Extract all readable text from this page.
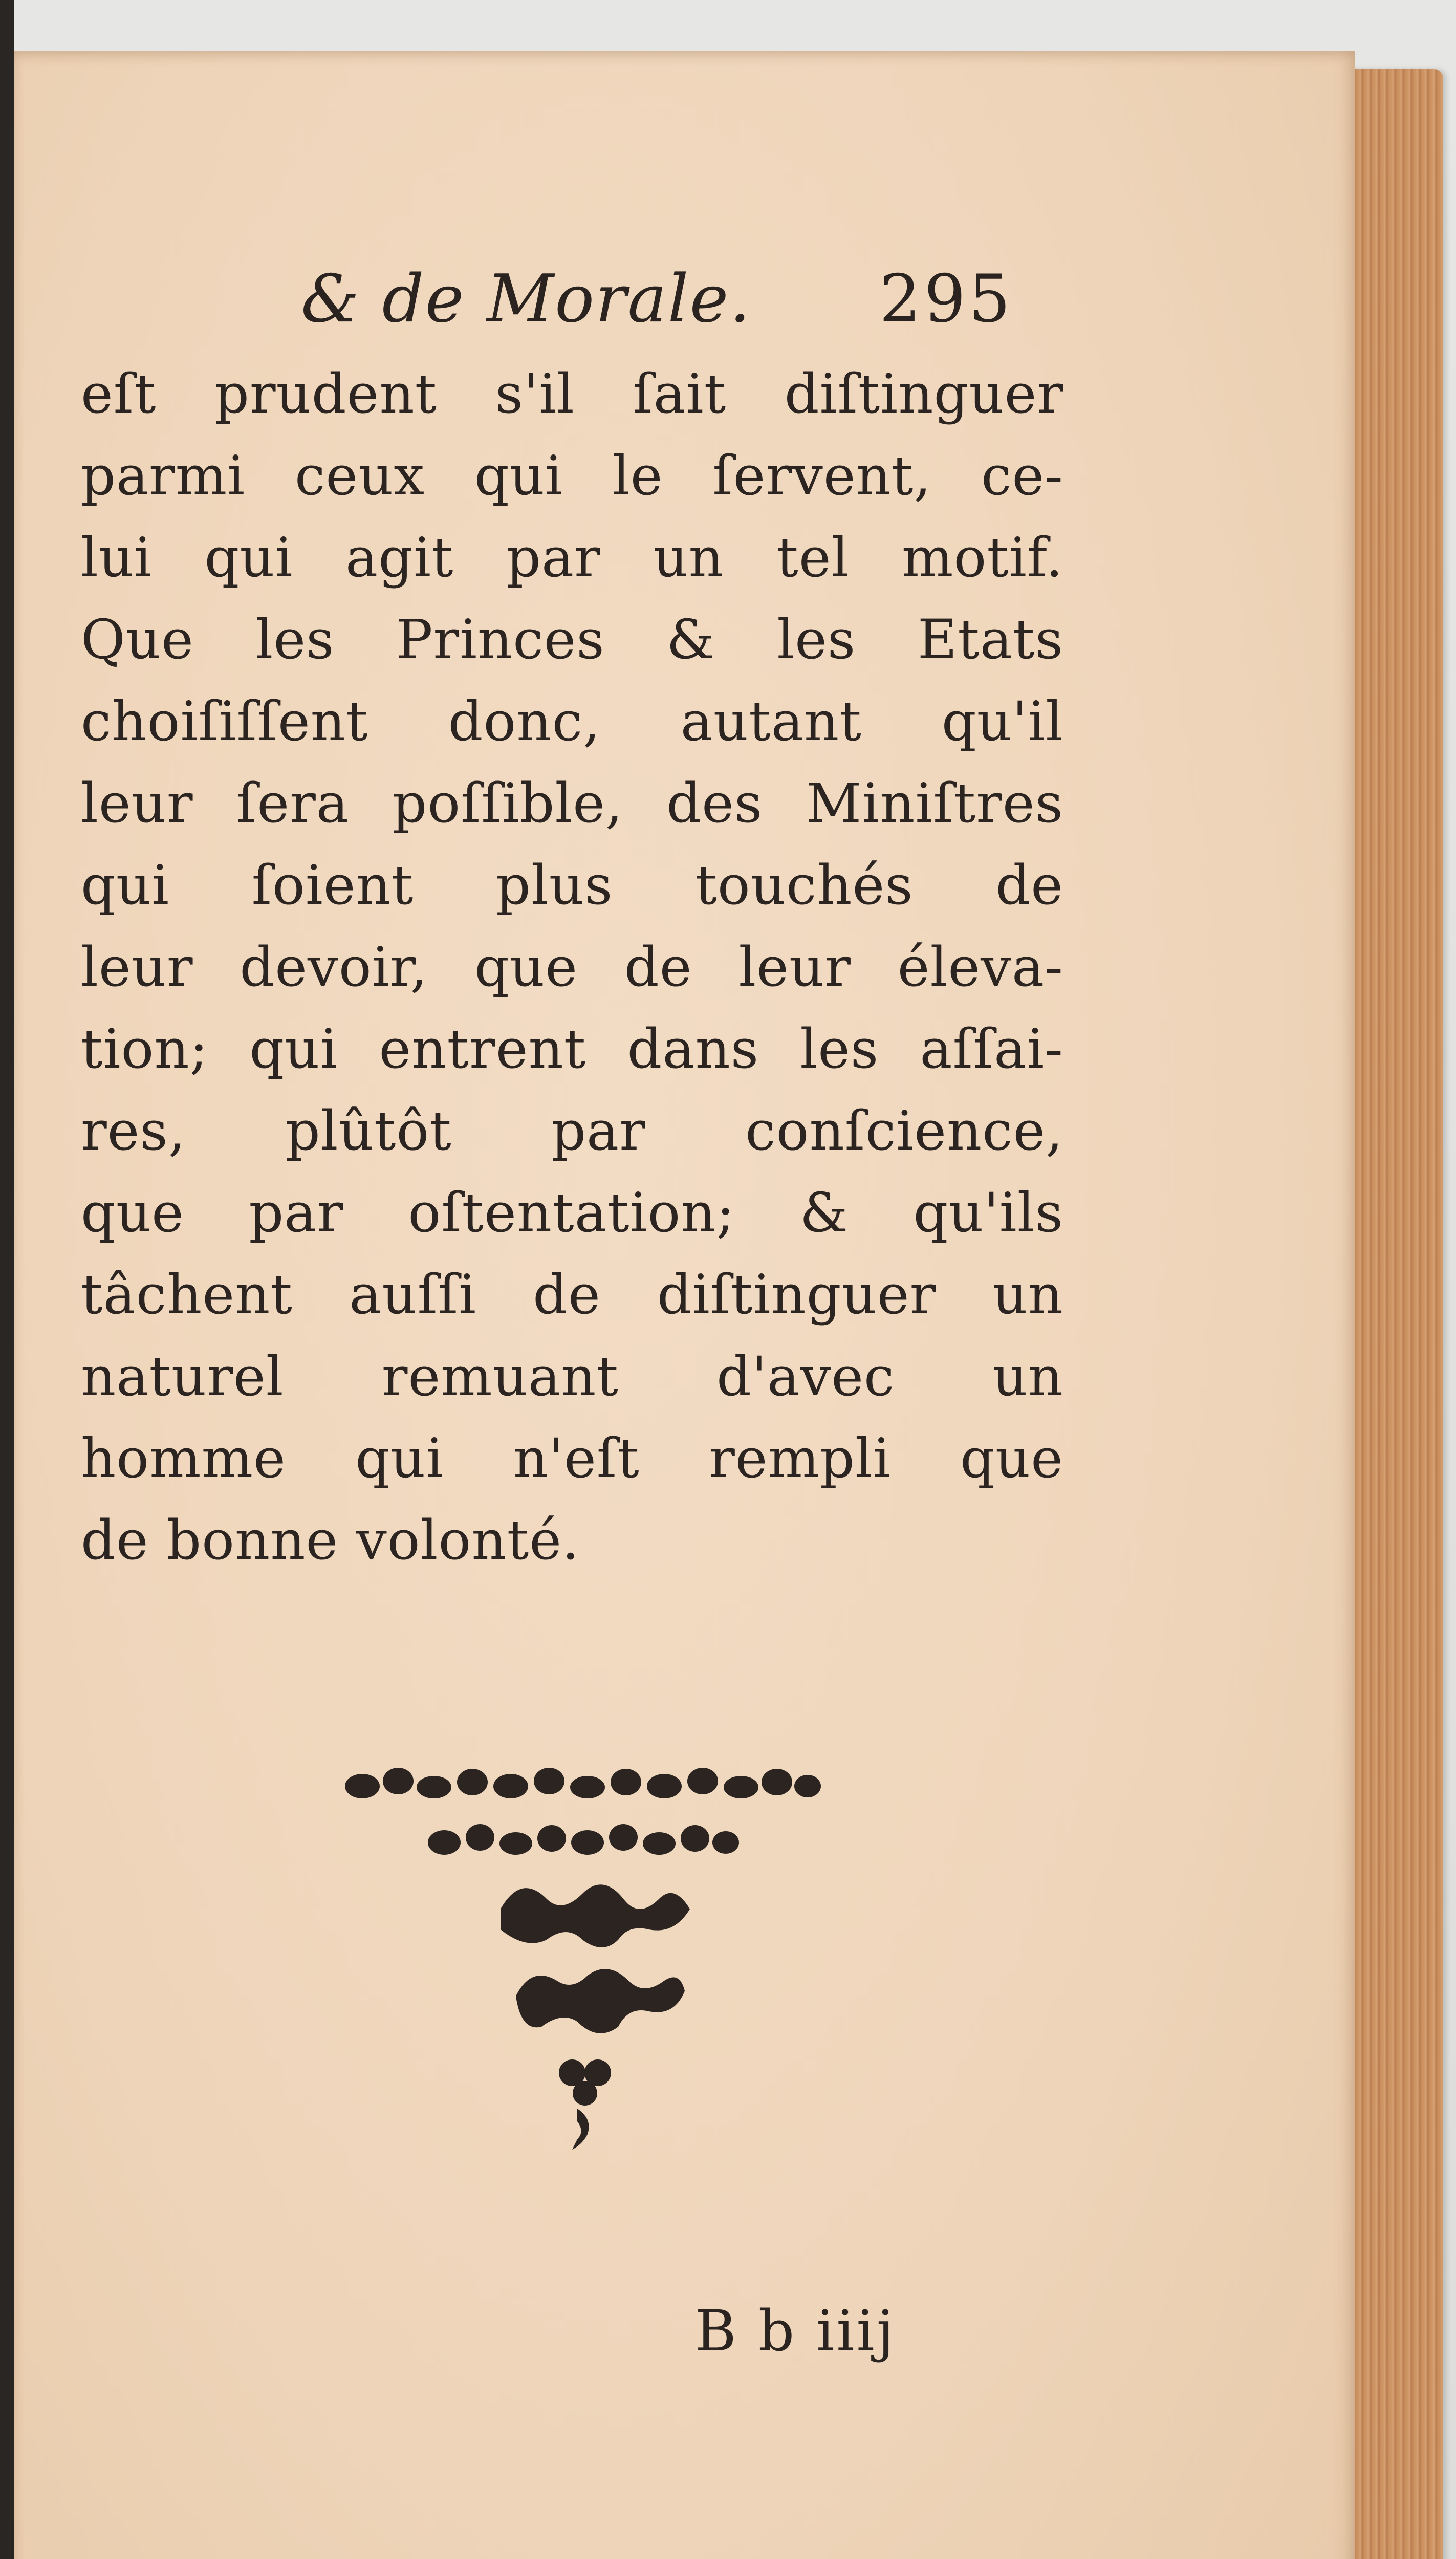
& de Morale. 295
eſt prudent s'il ſait diſtinguer
parmi ceux qui le ſervent, ce-
lui qui agit par un tel motif.
Que les Princes & les Etats
choiſiſſent donc, autant qu'il
leur ſera poſſible, des Miniſtres
qui ſoient plus touchés de
leur devoir, que de leur éleva-
tion; qui entrent dans les aſſai-
res, plûtôt par conſcience,
que par oſtentation; & qu'ils
tâchent auſſi de diſtinguer un
naturel remuant d'avec un
homme qui n'eſt rempli que
de bonne volonté.
B b iiij
